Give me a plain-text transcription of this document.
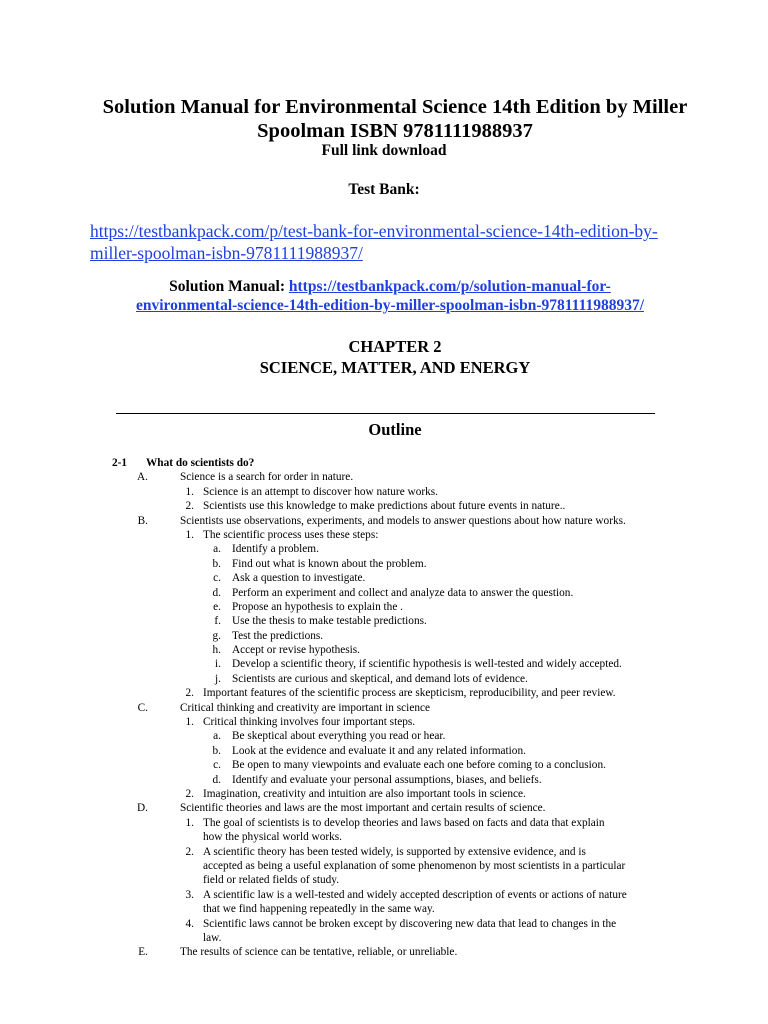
Solution Manual for Environmental Science 14th Edition by Miller
Spoolman ISBN 9781111988937
Full link download
Test Bank:
https://testbankpack.com/p/test-bank-for-environmental-science-14th-edition-by-
miller-spoolman-isbn-9781111988937/
Solution Manual: https://testbankpack.com/p/solution-manual-for-
environmental-science-14th-edition-by-miller-spoolman-isbn-9781111988937/
CHAPTER 2
SCIENCE, MATTER, AND ENERGY
Outline
2-1 What do scientists do?
A.	Science is a search for order in nature.
1. Science is an attempt to discover how nature works.
2. Scientists use this knowledge to make predictions about future events in nature..
B.	Scientists use observations, experiments, and models to answer questions about how nature works.
1. The scientific process uses these steps:
a. Identify a problem.
b. Find out what is known about the problem.
c. Ask a question to investigate.
d. Perform an experiment and collect and analyze data to answer the question.
e. Propose an hypothesis to explain the .
f. Use the thesis to make testable predictions.
g. Test the predictions.
h. Accept or revise hypothesis.
i. Develop a scientific theory, if scientific hypothesis is well-tested and widely accepted.
j. Scientists are curious and skeptical, and demand lots of evidence.
2. Important features of the scientific process are skepticism, reproducibility, and peer review.
C.	Critical thinking and creativity are important in science
1. Critical thinking involves four important steps.
a. Be skeptical about everything you read or hear.
b. Look at the evidence and evaluate it and any related information.
c. Be open to many viewpoints and evaluate each one before coming to a conclusion.
d. Identify and evaluate your personal assumptions, biases, and beliefs.
2. Imagination, creativity and intuition are also important tools in science.
D.	Scientific theories and laws are the most important and certain results of science.
1. The goal of scientists is to develop theories and laws based on facts and data that explain
how the physical world works.
2. A scientific theory has been tested widely, is supported by extensive evidence, and is
accepted as being a useful explanation of some phenomenon by most scientists in a particular
field or related fields of study.
3. A scientific law is a well-tested and widely accepted description of events or actions of nature
that we find happening repeatedly in the same way.
4. Scientific laws cannot be broken except by discovering new data that lead to changes in the
law.
E.	The results of science can be tentative, reliable, or unreliable.
